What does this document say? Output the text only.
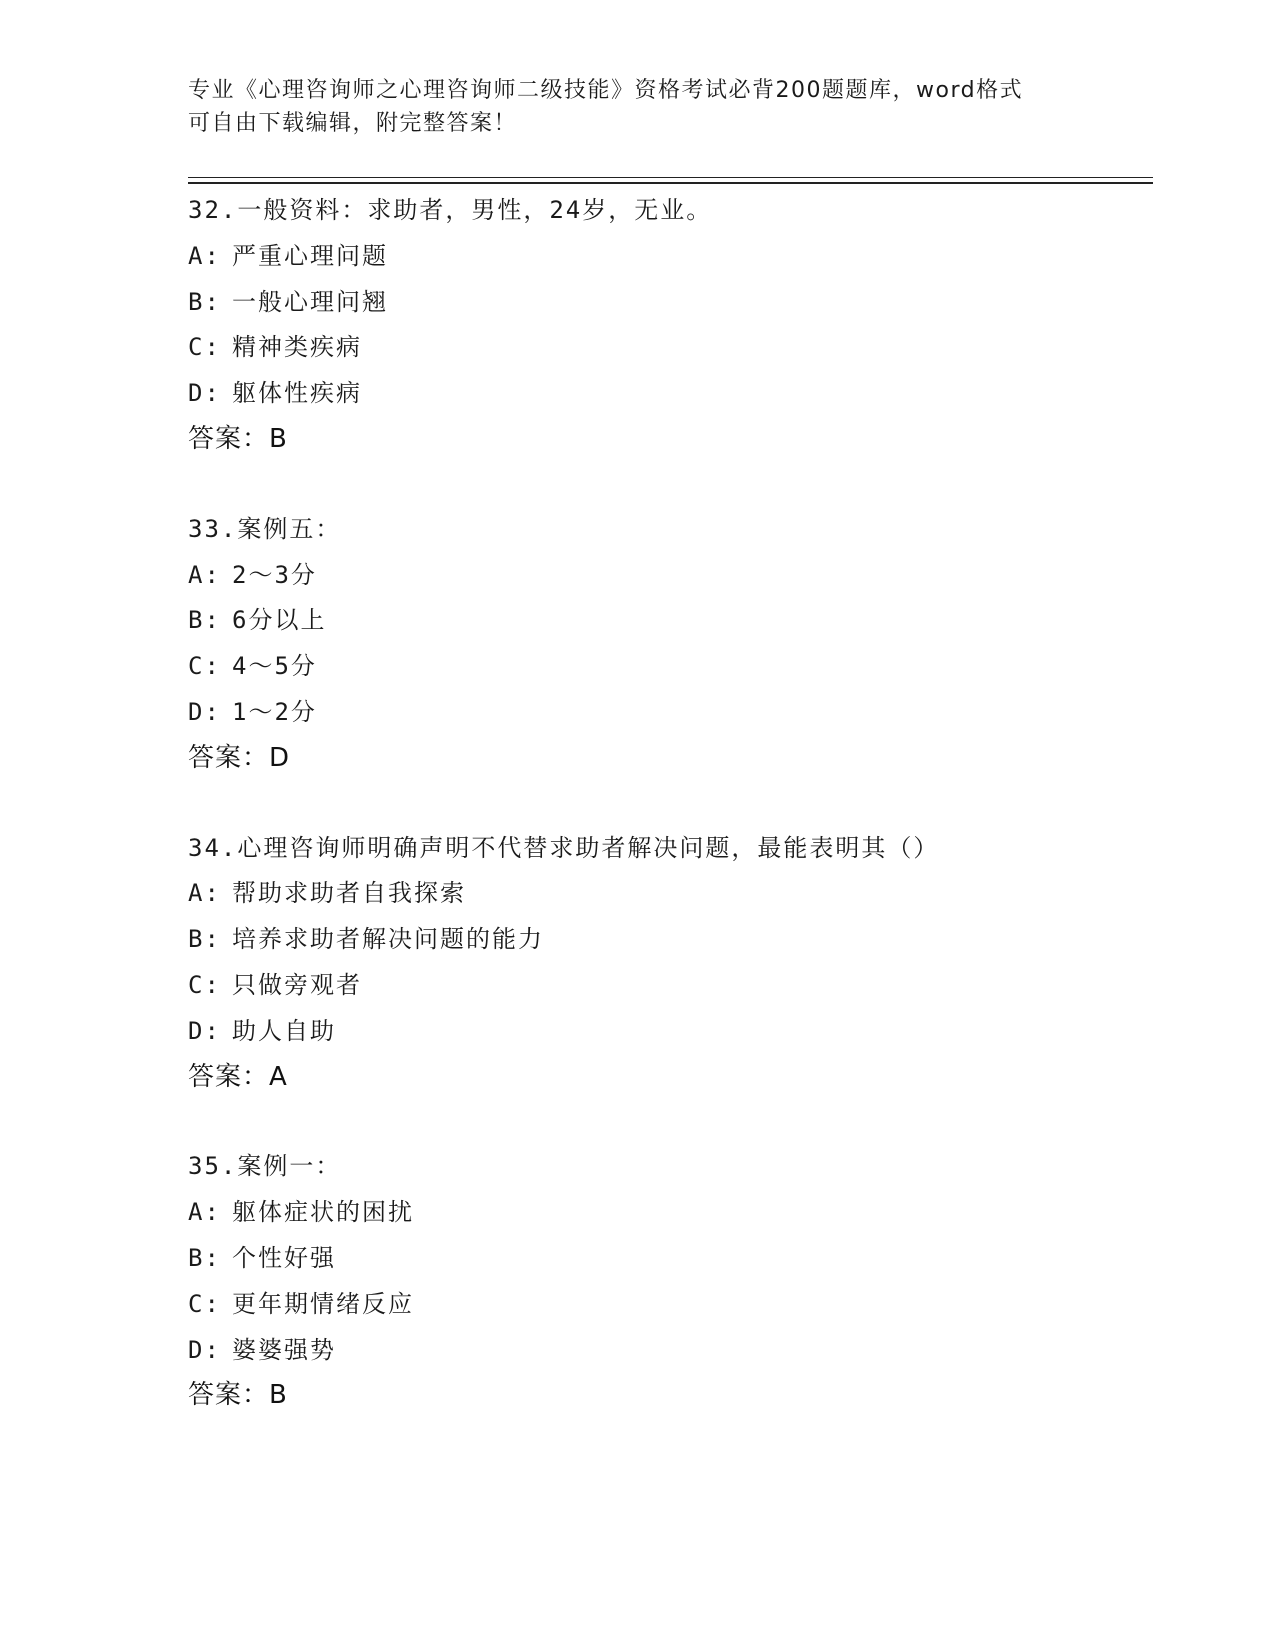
专业《心理咨询师之心理咨询师二级技能》资格考试必背200题题库，word格式
可自由下载编辑，附完整答案！
32.一般资料：求助者，男性，24岁，无业。
A: 严重心理问题
B: 一般心理问翘
C: 精神类疾病
D: 躯体性疾病
答案：B
33.案例五：
A: 2～3分
B: 6分以上
C: 4～5分
D: 1～2分
答案：D
34.心理咨询师明确声明不代替求助者解决问题，最能表明其（）
A: 帮助求助者自我探索
B: 培养求助者解决问题的能力
C: 只做旁观者
D: 助人自助
答案：A
35.案例一：
A: 躯体症状的困扰
B: 个性好强
C: 更年期情绪反应
D: 婆婆强势
答案：B
